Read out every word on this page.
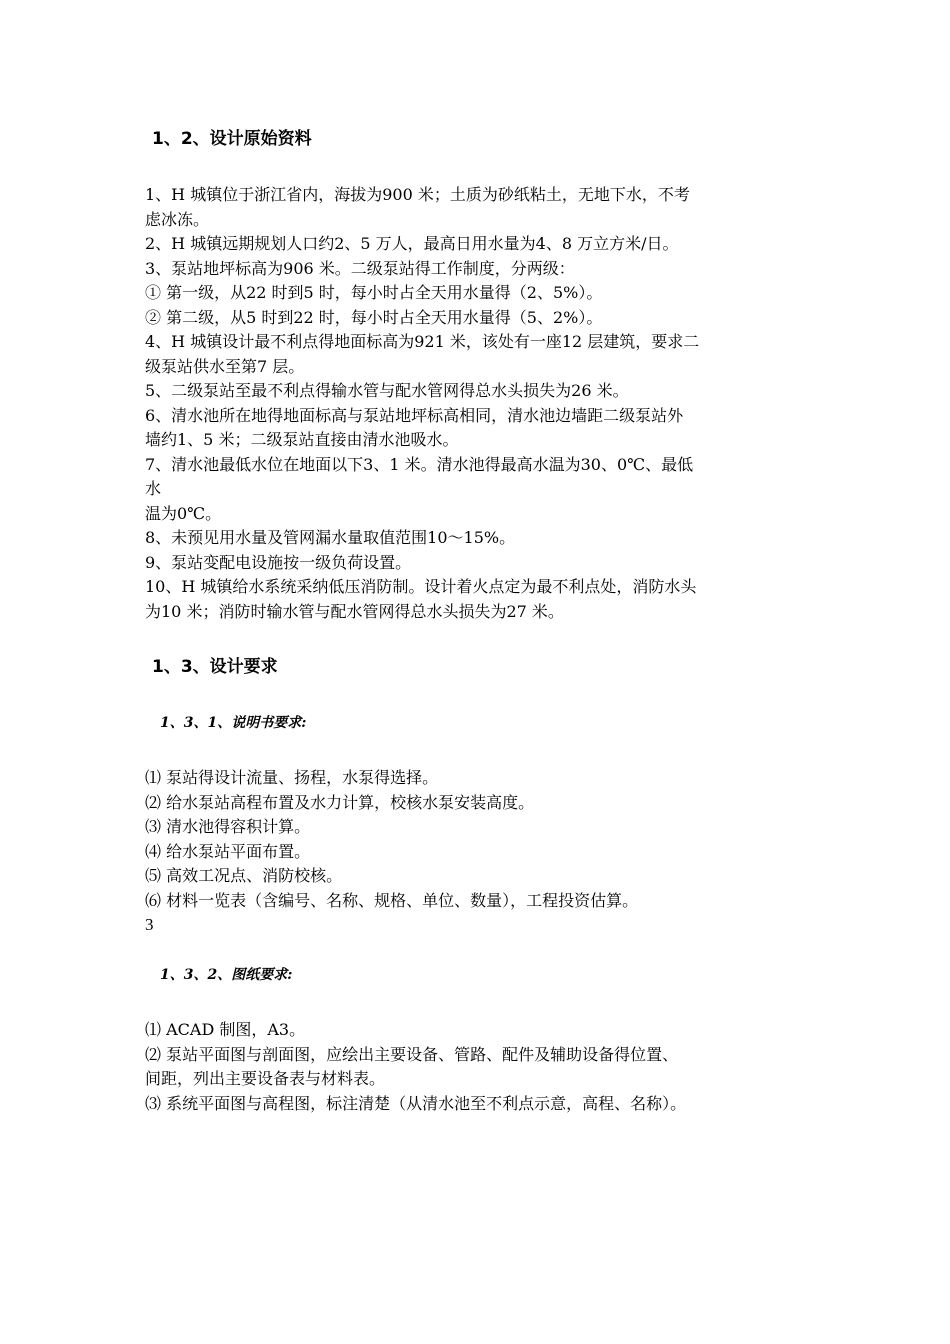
1、2、设计原始资料
1、H 城镇位于浙江省内，海拔为900 米；土质为砂纸粘土，无地下水，不考
虑冰冻。
2、H 城镇远期规划人口约2、5 万人，最高日用水量为4、8 万立方米/日。
3、泵站地坪标高为906 米。二级泵站得工作制度，分两级：
① 第一级，从22 时到5 时，每小时占全天用水量得（2、5%）。
② 第二级，从5 时到22 时，每小时占全天用水量得（5、2%）。
4、H 城镇设计最不利点得地面标高为921 米，该处有一座12 层建筑，要求二
级泵站供水至第7 层。
5、二级泵站至最不利点得输水管与配水管网得总水头损失为26 米。
6、清水池所在地得地面标高与泵站地坪标高相同，清水池边墙距二级泵站外
墙约1、5 米；二级泵站直接由清水池吸水。
7、清水池最低水位在地面以下3、1 米。清水池得最高水温为30、0℃、最低
水
温为0℃。
8、未预见用水量及管网漏水量取值范围10～15%。
9、泵站变配电设施按一级负荷设置。
10、H 城镇给水系统采纳低压消防制。设计着火点定为最不利点处，消防水头
为10 米；消防时输水管与配水管网得总水头损失为27 米。
1、3、设计要求
1、3、1、说明书要求:
⑴ 泵站得设计流量、扬程，水泵得选择。
⑵ 给水泵站高程布置及水力计算，校核水泵安装高度。
⑶ 清水池得容积计算。
⑷ 给水泵站平面布置。
⑸ 高效工况点、消防校核。
⑹ 材料一览表（含编号、名称、规格、单位、数量），工程投资估算。
3
1、3、2、图纸要求:
⑴ ACAD 制图，A3。
⑵ 泵站平面图与剖面图，应绘出主要设备、管路、配件及辅助设备得位置、
间距，列出主要设备表与材料表。
⑶ 系统平面图与高程图，标注清楚（从清水池至不利点示意，高程、名称）。
